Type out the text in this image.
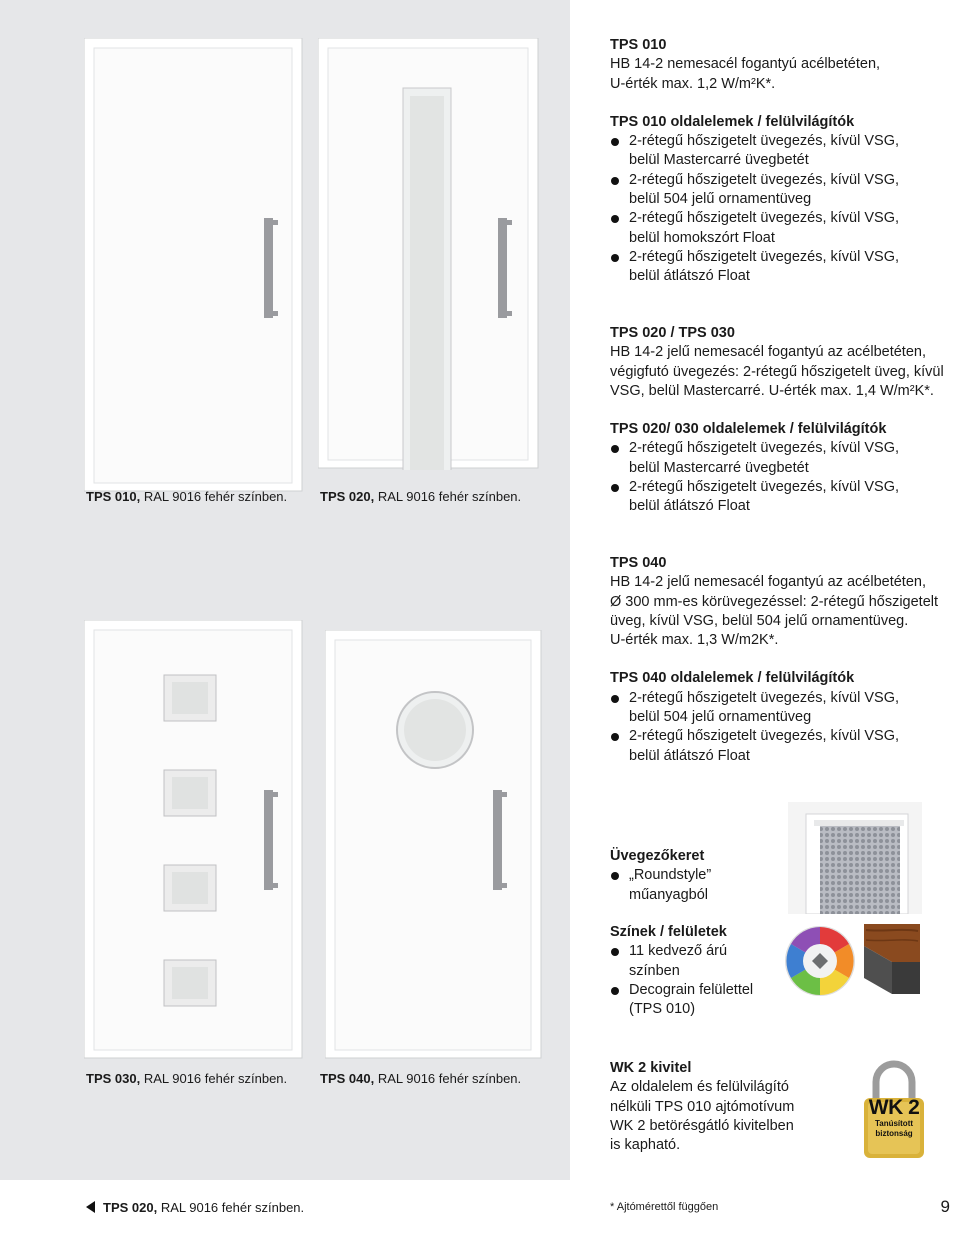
TPS 010, RAL 9016 fehér színben.	TPS 020, RAL 9016 fehér színben.
TPS 030, RAL 9016 fehér színben.	TPS 040, RAL 9016 fehér színben.
TPS 010
HB 14-2 nemesacél fogantyú acélbetéten,
U-érték max. 1,2 W/m²K*.
TPS 010 oldalelemek / felülvilágítók
2-rétegű hőszigetelt üvegezés, kívül VSG,
belül Mastercarré üvegbetét
2-rétegű hőszigetelt üvegezés, kívül VSG,
belül 504 jelű ornamentüveg
2-rétegű hőszigetelt üvegezés, kívül VSG,
belül homokszórt Float
2-rétegű hőszigetelt üvegezés, kívül VSG,
belül átlátszó Float
TPS 020 / TPS 030
HB 14-2 jelű nemesacél fogantyú az acélbetéten,
végigfutó üvegezés: 2-rétegű hőszigetelt üveg, kívül
VSG, belül Mastercarré. U-érték max. 1,4 W/m²K*.
TPS 020/ 030 oldalelemek / felülvilágítók
2-rétegű hőszigetelt üvegezés, kívül VSG,
belül Mastercarré üvegbetét
2-rétegű hőszigetelt üvegezés, kívül VSG,
belül átlátszó Float
TPS 040
HB 14-2 jelű nemesacél fogantyú az acélbetéten,
Ø 300 mm-es körüvegezéssel: 2-rétegű hőszigetelt
üveg, kívül VSG, belül 504 jelű ornamentüveg.
U-érték max. 1,3 W/m2K*.
TPS 040 oldalelemek / felülvilágítók
2-rétegű hőszigetelt üvegezés, kívül VSG,
belül 504 jelű ornamentüveg
2-rétegű hőszigetelt üvegezés, kívül VSG,
belül átlátszó Float
Üvegezőkeret
„Roundstyle”
műanyagból
Színek / felületek
11 kedvező árú
színben
Decograin felülettel
(TPS 010)
WK 2 kivitel
Az oldalelem és felülvilágító
nélküli TPS 010 ajtómotívum
WK 2 betörésgátló kivitelben
is kapható.
WK 2
Tanúsított
biztonság
TPS 020, RAL 9016 fehér színben.	* Ajtómérettől függően	9
